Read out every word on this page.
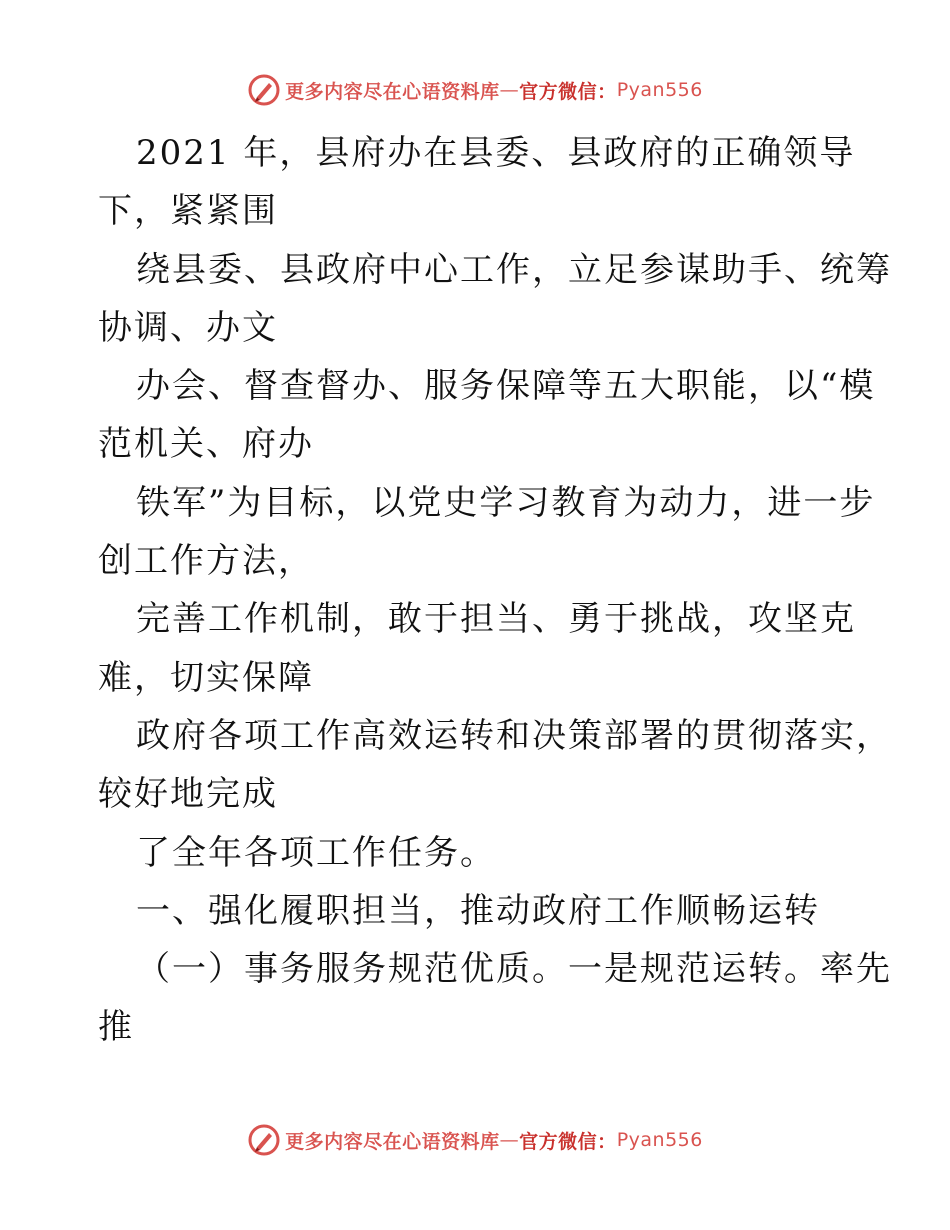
更多内容尽在心语资料库 — 官方微信： Pyan556
2021 年，县府办在县委、县政府的正确领导
下，紧紧围
绕县委、县政府中心工作，立足参谋助手、统筹
协调、办文
办会、督查督办、服务保障等五大职能，以“模
范机关、府办
铁军”为目标，以党史学习教育为动力，进一步
创工作方法，
完善工作机制，敢于担当、勇于挑战，攻坚克
难，切实保障
政府各项工作高效运转和决策部署的贯彻落实，
较好地完成
了全年各项工作任务。
一、强化履职担当，推动政府工作顺畅运转
（一）事务服务规范优质。一是规范运转。率先
推
更多内容尽在心语资料库 — 官方微信： Pyan556
